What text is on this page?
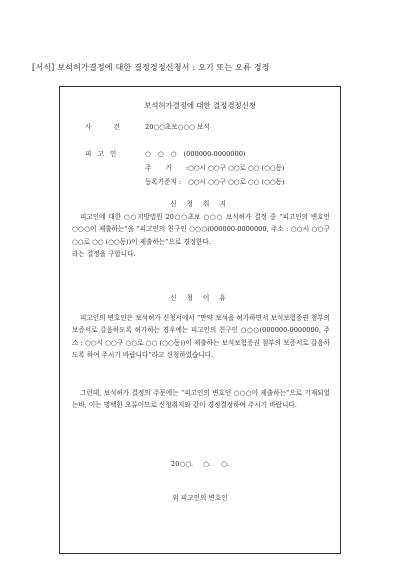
[서식] 보석허가결정에 대한 결정경정신청서 : 오기 또는 오류 경정
보석허가결정에 대한 결정경정신청
사 건 20○○초보○○○ 보석
피 고 인	○ ○ ○ (000000-0000000)
주 거 : ○○시 ○○구 ○○로 ○○ (○○동)
등록기준지 : ○○시 ○○구 ○○로 ○○ (○○동)
신 청 취 지

피고인에 대한 ○○지방법원 20○○초보 ○○○ 보석허가 결정 중 “피고인의 변호인 ○○○이 제출하는”을 “피고인의 친구인 ○○○(000000-0000000, 주소 : ○○시 ○○구 ○○로 ○○ (○○동))이 제출하는”으로 경정한다.

라는 결정을 구합니다.

신 청 이 유

피고인의 변호인은 보석허가 신청서에서 “만약 보석을 허가하면서 보석보험증권 첨부의 보증서로 갈음하도록 허가하는 경우에는 피고인의 친구인 ○○○(000000-0000000, 주소 : ○○시 ○○구 ○○로 ○○ (○○동))이 제출하는 보석보험증권 첨부의 보증서로 갈음하도록 하여 주시기 바랍니다”라고 신청하였습니다.

그런데, 보석허가 결정의 주문에는 “피고인의 변호인 ○○○이 제출하는”으로 기재되었는바, 이는 명백한 오류이므로 신청취지와 같이 경정결정하여 주시기 바랍니다.

20○○. ○. ○.
위 피고인의 변호인
